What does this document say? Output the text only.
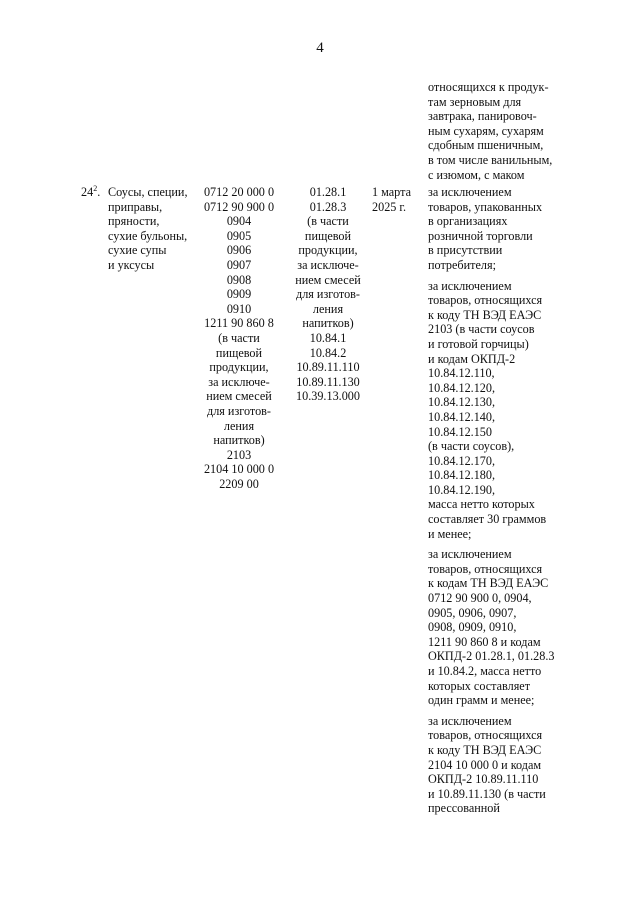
4
относящихся к продук-
там зерновым для
завтрака, панировоч-
ным сухарям, сухарям
сдобным пшеничным,
в том числе ванильным,
с изюмом, с маком
$24^2$. Соусы, специи,
приправы,
пряности,
сухие бульоны,
сухие супы
и уксусы
0712 20 000 0
0712 90 900 0
0904
0905
0906
0907
0908
0909
0910
1211 90 860 8
(в части
пищевой
продукции,
за исключе-
нием смесей
для изготов-
ления
напитков)
2103
2104 10 000 0
2209 00
01.28.1
01.28.3
(в части
пищевой
продукции,
за исключе-
нием смесей
для изготов-
ления
напитков)
10.84.1
10.84.2
10.89.11.110
10.89.11.130
10.39.13.000
1 марта
2025 г.
за исключением
товаров, упакованных
в организациях
розничной торговли
в присутствии
потребителя;
за исключением
товаров, относящихся
к коду ТН ВЭД ЕАЭС
2103 (в части соусов
и готовой горчицы)
и кодам ОКПД-2
10.84.12.110,
10.84.12.120,
10.84.12.130,
10.84.12.140,
10.84.12.150
(в части соусов),
10.84.12.170,
10.84.12.180,
10.84.12.190,
масса нетто которых
составляет 30 граммов
и менее;
за исключением
товаров, относящихся
к кодам ТН ВЭД ЕАЭС
0712 90 900 0, 0904,
0905, 0906, 0907,
0908, 0909, 0910,
1211 90 860 8 и кодам
ОКПД-2 01.28.1, 01.28.3
и 10.84.2, масса нетто
которых составляет
один грамм и менее;
за исключением
товаров, относящихся
к коду ТН ВЭД ЕАЭС
2104 10 000 0 и кодам
ОКПД-2 10.89.11.110
и 10.89.11.130 (в части
прессованной
